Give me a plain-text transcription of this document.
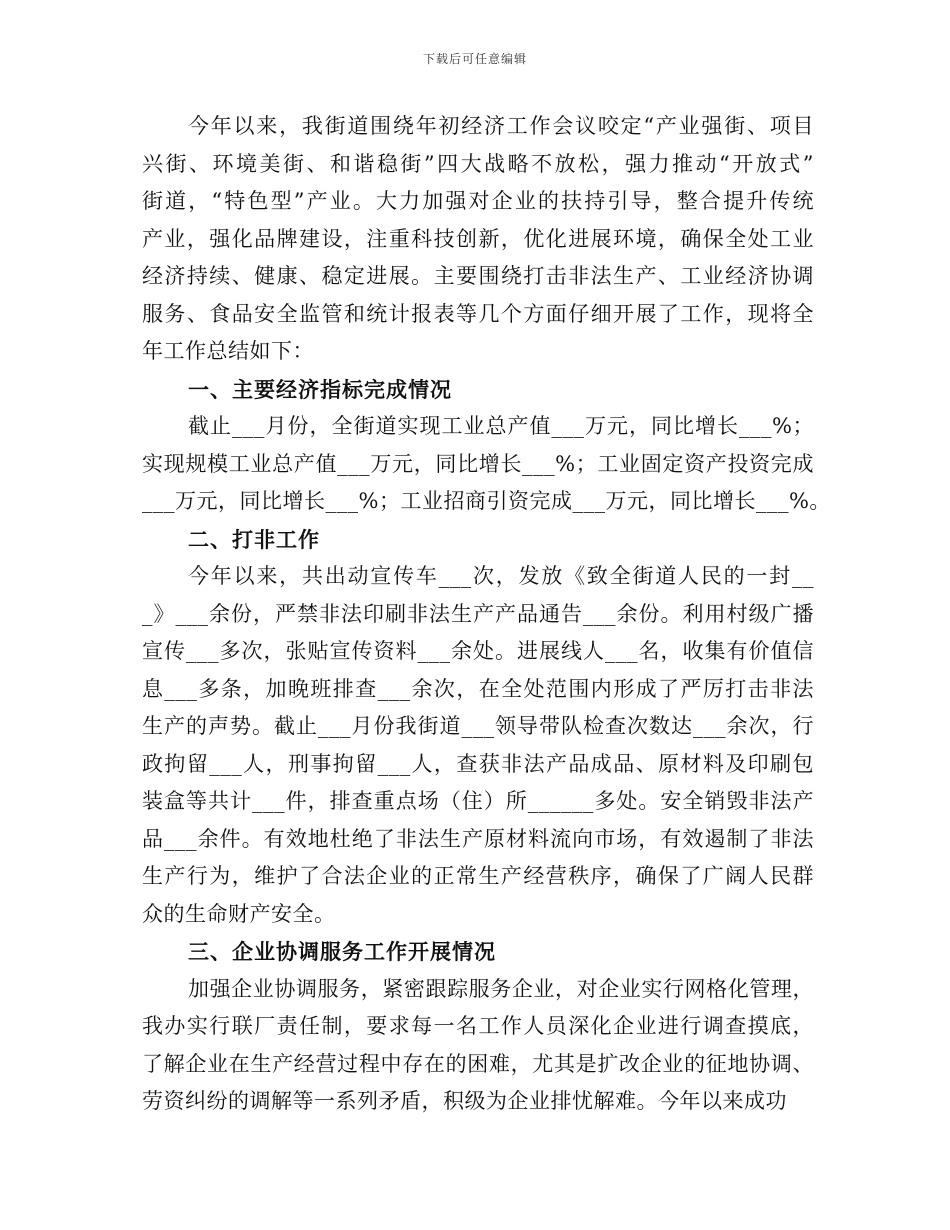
下载后可任意编辑
今年以来，我街道围绕年初经济工作会议咬定“产业强街、项目
兴街、环境美街、和谐稳街”四大战略不放松，强力推动“开放式”
街道，“特色型”产业。大力加强对企业的扶持引导，整合提升传统
产业，强化品牌建设，注重科技创新，优化进展环境，确保全处工业
经济持续、健康、稳定进展。主要围绕打击非法生产、工业经济协调
服务、食品安全监管和统计报表等几个方面仔细开展了工作，现将全
年工作总结如下：
一、主要经济指标完成情况
截止___月份，全街道实现工业总产值___万元，同比增长___%；
实现规模工业总产值___万元，同比增长___%；工业固定资产投资完成
___万元，同比增长___%；工业招商引资完成___万元，同比增长___%。
二、打非工作
今年以来，共出动宣传车___次，发放《致全街道人民的一封__
_》___余份，严禁非法印刷非法生产产品通告___余份。利用村级广播
宣传___多次，张贴宣传资料___余处。进展线人___名，收集有价值信
息___多条，加晚班排查___余次，在全处范围内形成了严厉打击非法
生产的声势。截止___月份我街道___领导带队检查次数达___余次，行
政拘留___人，刑事拘留___人，查获非法产品成品、原材料及印刷包
装盒等共计___件，排查重点场（住）所______多处。安全销毁非法产
品___余件。有效地杜绝了非法生产原材料流向市场，有效遏制了非法
生产行为，维护了合法企业的正常生产经营秩序，确保了广阔人民群
众的生命财产安全。
三、企业协调服务工作开展情况
加强企业协调服务，紧密跟踪服务企业，对企业实行网格化管理，
我办实行联厂责任制，要求每一名工作人员深化企业进行调查摸底，
了解企业在生产经营过程中存在的困难，尤其是扩改企业的征地协调、
劳资纠纷的调解等一系列矛盾，积级为企业排忧解难。今年以来成功
